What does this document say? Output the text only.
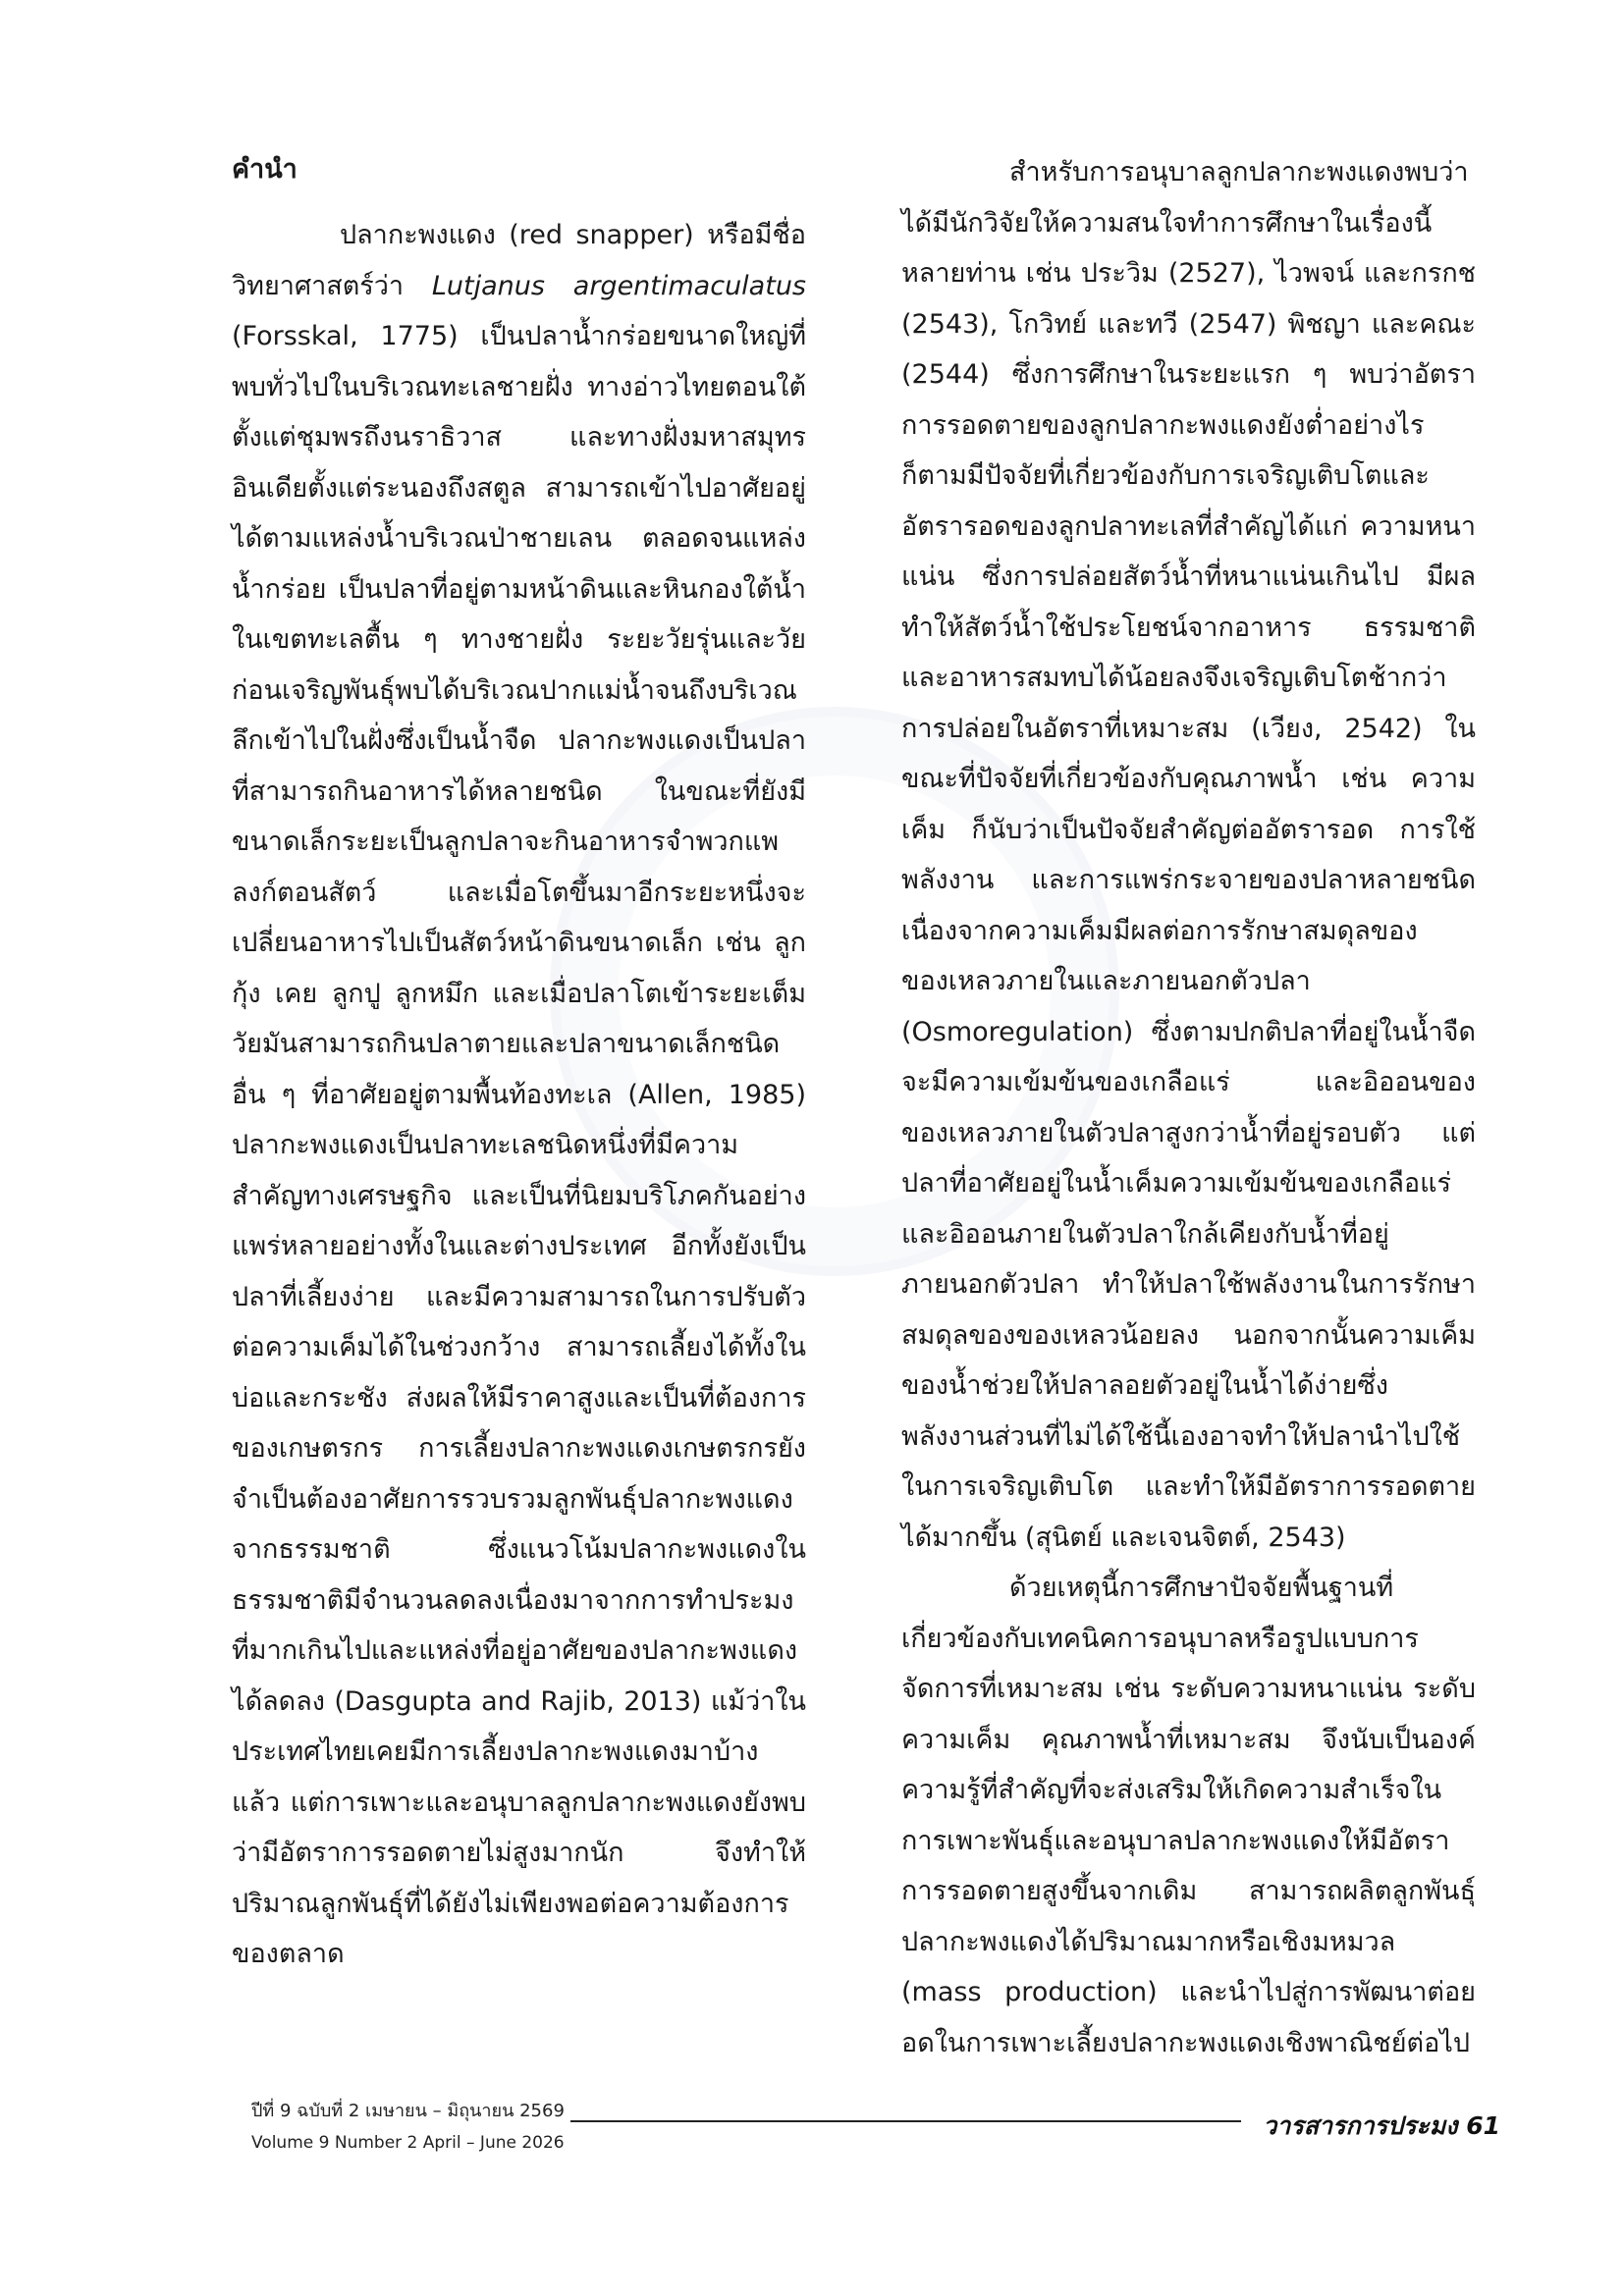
คำนำ

ปลากะพงแดง (red snapper) หรือมีชื่อวิทยาศาสตร์ว่า Lutjanus argentimaculatus (Forsskal, 1775) เป็นปลาน้ำกร่อยขนาดใหญ่ที่พบทั่วไปในบริเวณทะเลชายฝั่ง ทางอ่าวไทยตอนใต้ตั้งแต่ชุมพรถึงนราธิวาส และทางฝั่งมหาสมุทรอินเดียตั้งแต่ระนองถึงสตูล สามารถเข้าไปอาศัยอยู่ได้ตามแหล่งน้ำบริเวณป่าชายเลน ตลอดจนแหล่งน้ำกร่อย เป็นปลาที่อยู่ตามหน้าดินและหินกองใต้น้ำในเขตทะเลตื้น ๆ ทางชายฝั่ง ระยะวัยรุ่นและวัยก่อนเจริญพันธุ์พบได้บริเวณปากแม่น้ำจนถึงบริเวณลึกเข้าไปในฝั่งซึ่งเป็นน้ำจืด ปลากะพงแดงเป็นปลาที่สามารถกินอาหารได้หลายชนิด ในขณะที่ยังมีขนาดเล็กระยะเป็นลูกปลาจะกินอาหารจำพวกแพลงก์ตอนสัตว์ และเมื่อโตขึ้นมาอีกระยะหนึ่งจะเปลี่ยนอาหารไปเป็นสัตว์หน้าดินขนาดเล็ก เช่น ลูกกุ้ง เคย ลูกปู ลูกหมึก และเมื่อปลาโตเข้าระยะเต็มวัยมันสามารถกินปลาตายและปลาขนาดเล็กชนิดอื่น ๆ ที่อาศัยอยู่ตามพื้นท้องทะเล (Allen, 1985) ปลากะพงแดงเป็นปลาทะเลชนิดหนึ่งที่มีความสำคัญทางเศรษฐกิจ และเป็นที่นิยมบริโภคกันอย่างแพร่หลายอย่างทั้งในและต่างประเทศ อีกทั้งยังเป็นปลาที่เลี้ยงง่าย และมีความสามารถในการปรับตัวต่อความเค็มได้ในช่วงกว้าง สามารถเลี้ยงได้ทั้งในบ่อและกระชัง ส่งผลให้มีราคาสูงและเป็นที่ต้องการของเกษตรกร การเลี้ยงปลากะพงแดงเกษตรกรยังจำเป็นต้องอาศัยการรวบรวมลูกพันธุ์ปลากะพงแดงจากธรรมชาติ ซึ่งแนวโน้มปลากะพงแดงในธรรมชาติมีจำนวนลดลงเนื่องมาจากการทำประมงที่มากเกินไปและแหล่งที่อยู่อาศัยของปลากะพงแดงได้ลดลง (Dasgupta and Rajib, 2013) แม้ว่าในประเทศไทยเคยมีการเลี้ยงปลากะพงแดงมาบ้างแล้ว แต่การเพาะและอนุบาลลูกปลากะพงแดงยังพบว่ามีอัตราการรอดตายไม่สูงมากนัก จึงทำให้ปริมาณลูกพันธุ์ที่ได้ยังไม่เพียงพอต่อความต้องการของตลาด

สำหรับการอนุบาลลูกปลากะพงแดงพบว่าได้มีนักวิจัยให้ความสนใจทำการศึกษาในเรื่องนี้หลายท่าน เช่น ประวิม (2527), ไวพจน์ และกรกช (2543), โกวิทย์ และทวี (2547) พิชญา และคณะ (2544) ซึ่งการศึกษาในระยะแรก ๆ พบว่าอัตราการรอดตายของลูกปลากะพงแดงยังต่ำอย่างไรก็ตามมีปัจจัยที่เกี่ยวข้องกับการเจริญเติบโตและอัตรารอดของลูกปลาทะเลที่สำคัญได้แก่ ความหนาแน่น ซึ่งการปล่อยสัตว์น้ำที่หนาแน่นเกินไป มีผลทำให้สัตว์น้ำใช้ประโยชน์จากอาหาร ธรรมชาติและอาหารสมทบได้น้อยลงจึงเจริญเติบโตช้ากว่าการปล่อยในอัตราที่เหมาะสม (เวียง, 2542) ในขณะที่ปัจจัยที่เกี่ยวข้องกับคุณภาพน้ำ เช่น ความเค็ม ก็นับว่าเป็นปัจจัยสำคัญต่ออัตรารอด การใช้พลังงาน และการแพร่กระจายของปลาหลายชนิด เนื่องจากความเค็มมีผลต่อการรักษาสมดุลของของเหลวภายในและภายนอกตัวปลา (Osmoregulation) ซึ่งตามปกติปลาที่อยู่ในน้ำจืดจะมีความเข้มข้นของเกลือแร่ และอิออนของของเหลวภายในตัวปลาสูงกว่าน้ำที่อยู่รอบตัว แต่ปลาที่อาศัยอยู่ในน้ำเค็มความเข้มข้นของเกลือแร่และอิออนภายในตัวปลาใกล้เคียงกับน้ำที่อยู่ภายนอกตัวปลา ทำให้ปลาใช้พลังงานในการรักษาสมดุลของของเหลวน้อยลง นอกจากนั้นความเค็มของน้ำช่วยให้ปลาลอยตัวอยู่ในน้ำได้ง่ายซึ่งพลังงานส่วนที่ไม่ได้ใช้นี้เองอาจทำให้ปลานำไปใช้ในการเจริญเติบโต และทำให้มีอัตราการรอดตายได้มากขึ้น (สุนิตย์ และเจนจิตต์, 2543)

ด้วยเหตุนี้การศึกษาปัจจัยพื้นฐานที่เกี่ยวข้องกับเทคนิคการอนุบาลหรือรูปแบบการจัดการที่เหมาะสม เช่น ระดับความหนาแน่น ระดับความเค็ม คุณภาพน้ำที่เหมาะสม จึงนับเป็นองค์ความรู้ที่สำคัญที่จะส่งเสริมให้เกิดความสำเร็จในการเพาะพันธุ์และอนุบาลปลากะพงแดงให้มีอัตราการรอดตายสูงขึ้นจากเดิม สามารถผลิตลูกพันธุ์ปลากะพงแดงได้ปริมาณมากหรือเชิงมหมวล (mass production) และนำไปสู่การพัฒนาต่อยอดในการเพาะเลี้ยงปลากะพงแดงเชิงพาณิชย์ต่อไป

ปีที่ 9 ฉบับที่ 2 เมษายน – มิถุนายน 2569
Volume 9 Number 2 April – June 2026
วารสารการประมง 61
